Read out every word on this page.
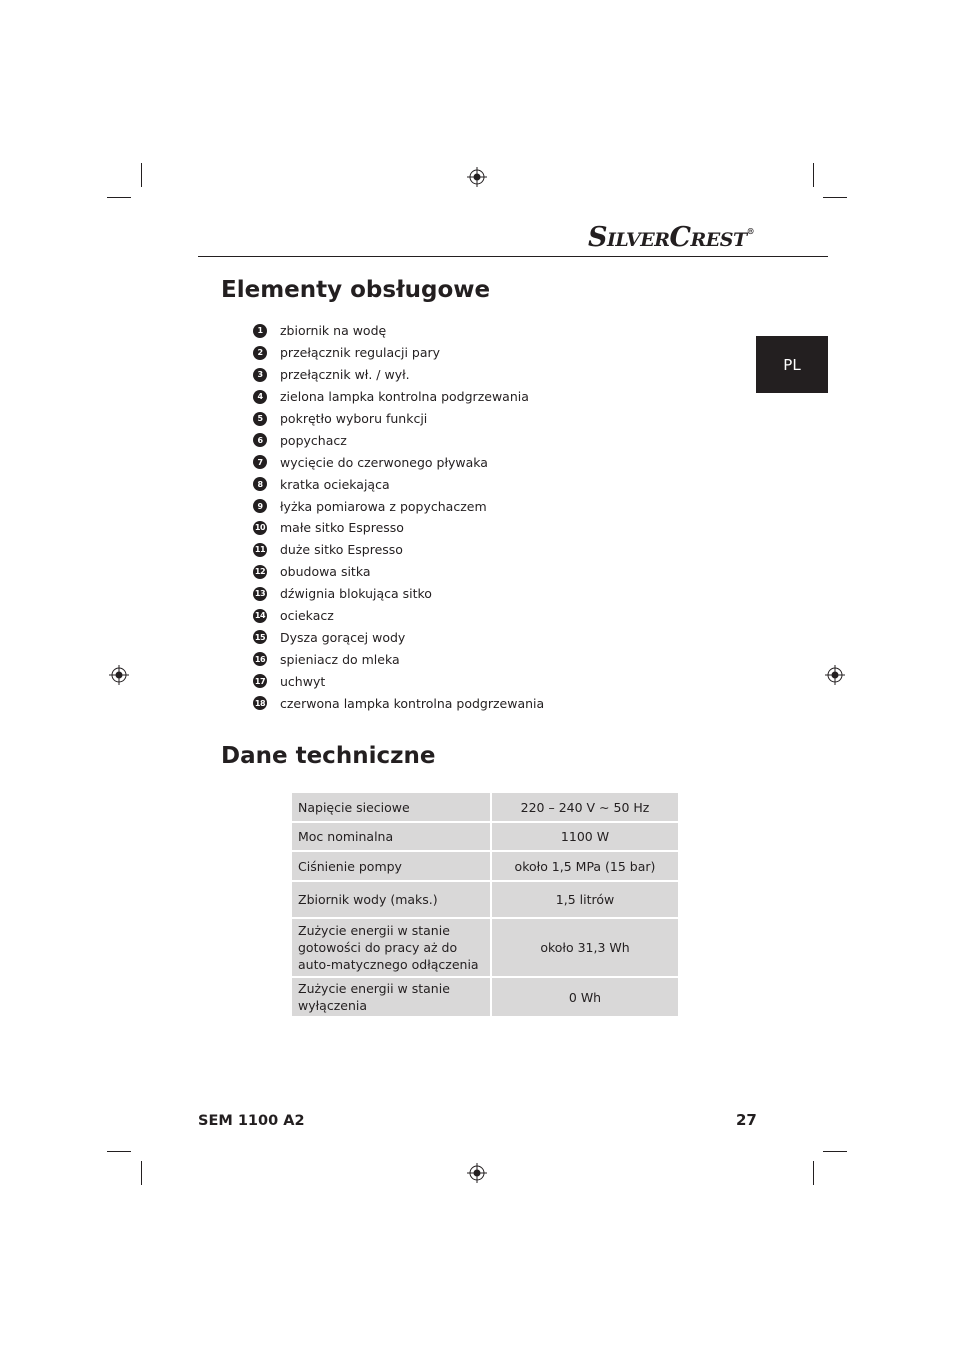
SILVERCREST®
PL
Elementy obsługowe
1	zbiornik na wodę
2	przełącznik regulacji pary
3	przełącznik wł. / wył.
4	zielona lampka kontrolna podgrzewania
5	pokrętło wyboru funkcji
6	popychacz
7	wycięcie do czerwonego pływaka
8	kratka ociekająca
9	łyżka pomiarowa z popychaczem
10 małe sitko Espresso
11 duże sitko Espresso
12 obudowa sitka
13 dźwignia blokująca sitko
14 ociekacz
15 Dysza gorącej wody
16 spieniacz do mleka
17 uchwyt
18 czerwona lampka kontrolna podgrzewania
Dane techniczne
Napięcie sieciowe	220 – 240 V ∼ 50 Hz
Moc nominalna	1100 W
Ciśnienie pompy	około 1,5 MPa (15 bar)
Zbiornik wody (maks.)	1,5 litrów
Zużycie energii w stanie gotowości do pracy aż do auto-matycznego odłączenia	około 31,3 Wh
Zużycie energii w stanie wyłączenia	0 Wh
SEM 1100 A2	27
